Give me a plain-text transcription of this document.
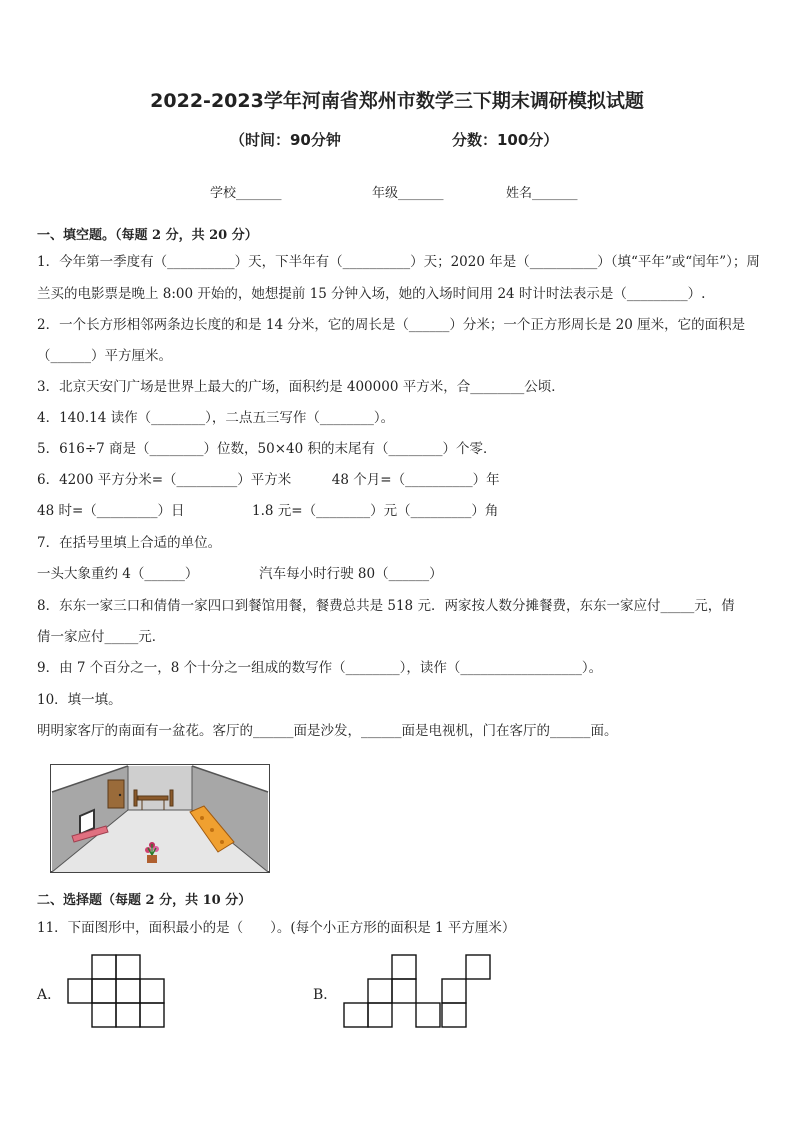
2022-2023学年河南省郑州市数学三下期末调研模拟试题
（时间：90分钟	分数：100分）
学校_______	年级_______	姓名_______
一、填空题。（每题 2 分，共 20 分）
1．今年第一季度有（__________）天，下半年有（__________）天；2020 年是（__________）（填“平年”或“闰年”）；周
兰买的电影票是晚上 8:00 开始的，她想提前 15 分钟入场，她的入场时间用 24 时计时法表示是（_________）.
2．一个长方形相邻两条边长度的和是 14 分米，它的周长是（______）分米；一个正方形周长是 20 厘米，它的面积是
（______）平方厘米。
3．北京天安门广场是世界上最大的广场，面积约是 400000 平方米，合________公顷．
4．140.14 读作（________），二点五三写作（________）。
5．616÷7 商是（________）位数，50×40 积的末尾有（________）个零．
6．4200 平方分米=（_________）平方米　　　48 个月=（__________）年
48 时=（_________）日　　　　　1.8 元=（________）元（_________）角
7．在括号里填上合适的单位。
一头大象重约 4（______）　　　　　汽车每小时行驶 80（______）
8．东东一家三口和倩倩一家四口到餐馆用餐，餐费总共是 518 元．两家按人数分摊餐费，东东一家应付_____元，倩
倩一家应付_____元．
9．由 7 个百分之一，8 个十分之一组成的数写作（________），读作（__________________）。
10．填一填。
明明家客厅的南面有一盆花。客厅的______面是沙发，______面是电视机，门在客厅的______面。
二、选择题（每题 2 分，共 10 分）
11．下面图形中，面积最小的是（　　）。(每个小正方形的面积是 1 平方厘米）
A．	B．
